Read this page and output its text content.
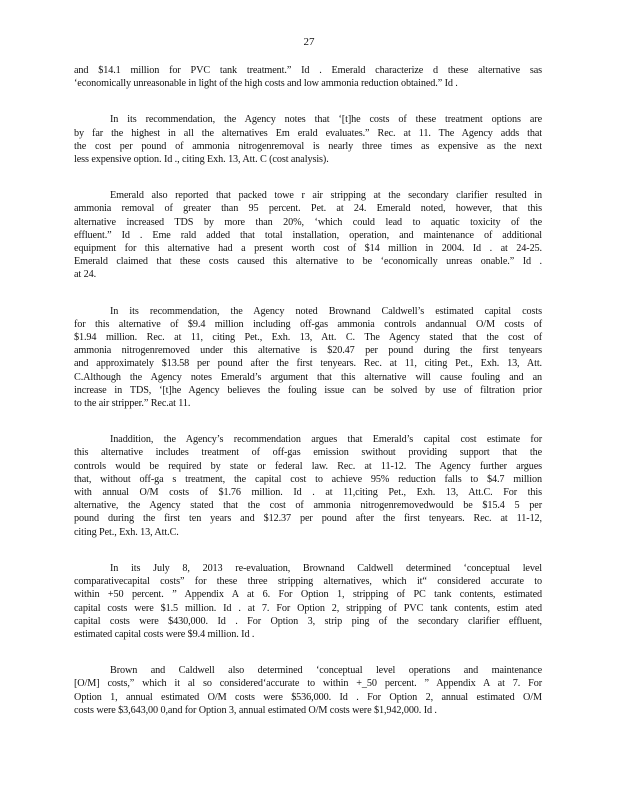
27

and $14.1 million for PVC tank treatment.” Id . Emerald characterize d these alternative sas
‘economically unreasonable in light of the high costs and low ammonia reduction obtained.” Id .

In its recommendation, the Agency notes that ‘[t]he costs of these treatment options are
by far the highest in all the alternatives Em erald evaluates.” Rec. at 11. The Agency adds that
the cost per pound of ammonia nitrogenremoval is nearly three times as expensive as the next
less expensive option. Id ., citing Exh. 13, Att. C (cost analysis).

Emerald also reported that packed towe r air stripping at the secondary clarifier resulted in
ammonia removal of greater than 95 percent. Pet. at 24. Emerald noted, however, that this
alternative increased TDS by more than 20%, ‘which could lead to aquatic toxicity of the
effluent.” Id . Eme rald added that total installation, operation, and maintenance of additional
equipment for this alternative had a present worth cost of $14 million in 2004. Id . at 24-25.
Emerald claimed that these costs caused this alternative to be ‘economically unreas onable.” Id .
at 24.

In its recommendation, the Agency noted Brownand Caldwell’s estimated capital costs
for this alternative of $9.4 million including off-gas ammonia controls andannual O/M costs of
$1.94 million. Rec. at 11, citing Pet., Exh. 13, Att. C. The Agency stated that the cost of
ammonia nitrogenremoved under this alternative is $20.47 per pound during the first tenyears
and approximately $13.58 per pound after the first tenyears. Rec. at 11, citing Pet., Exh. 13, Att.
C.Although the Agency notes Emerald’s argument that this alternative will cause fouling and an
increase in TDS, ‘[t]he Agency believes the fouling issue can be solved by use of filtration prior
to the air stripper.” Rec.at 11.

Inaddition, the Agency’s recommendation argues that Emerald’s capital cost estimate for
this alternative includes treatment of off-gas emission swithout providing support that the
controls would be required by state or federal law. Rec. at 11-12. The Agency further argues
that, without off-ga s treatment, the capital cost to achieve 95% reduction falls to $4.7 million
with annual O/M costs of $1.76 million. Id . at 11,citing Pet., Exh. 13, Att.C. For this
alternative, the Agency stated that the cost of ammonia nitrogenremovedwould be $15.4 5 per
pound during the first ten years and $12.37 per pound after the first tenyears. Rec. at 11-12,
citing Pet., Exh. 13, Att.C.

In its July 8, 2013 re-evaluation, Brownand Caldwell determined ‘conceptual level
comparativecapital costs” for these three stripping alternatives, which it“ considered accurate to
within +50 percent. ” Appendix A at 6. For Option 1, stripping of PC tank contents, estimated
capital costs were $1.5 million. Id . at 7. For Option 2, stripping of PVC tank contents, estim ated
capital costs were $430,000. Id . For Option 3, strip ping of the secondary clarifier effluent,
estimated capital costs were $9.4 million. Id .

Brown and Caldwell also determined ‘conceptual level operations and maintenance
[O/M] costs,” which it al so considered‘accurate to within +_50 percent. ” Appendix A at 7. For
Option 1, annual estimated O/M costs were $536,000. Id . For Option 2, annual estimated O/M
costs were $3,643,00 0,and for Option 3, annual estimated O/M costs were $1,942,000. Id .
